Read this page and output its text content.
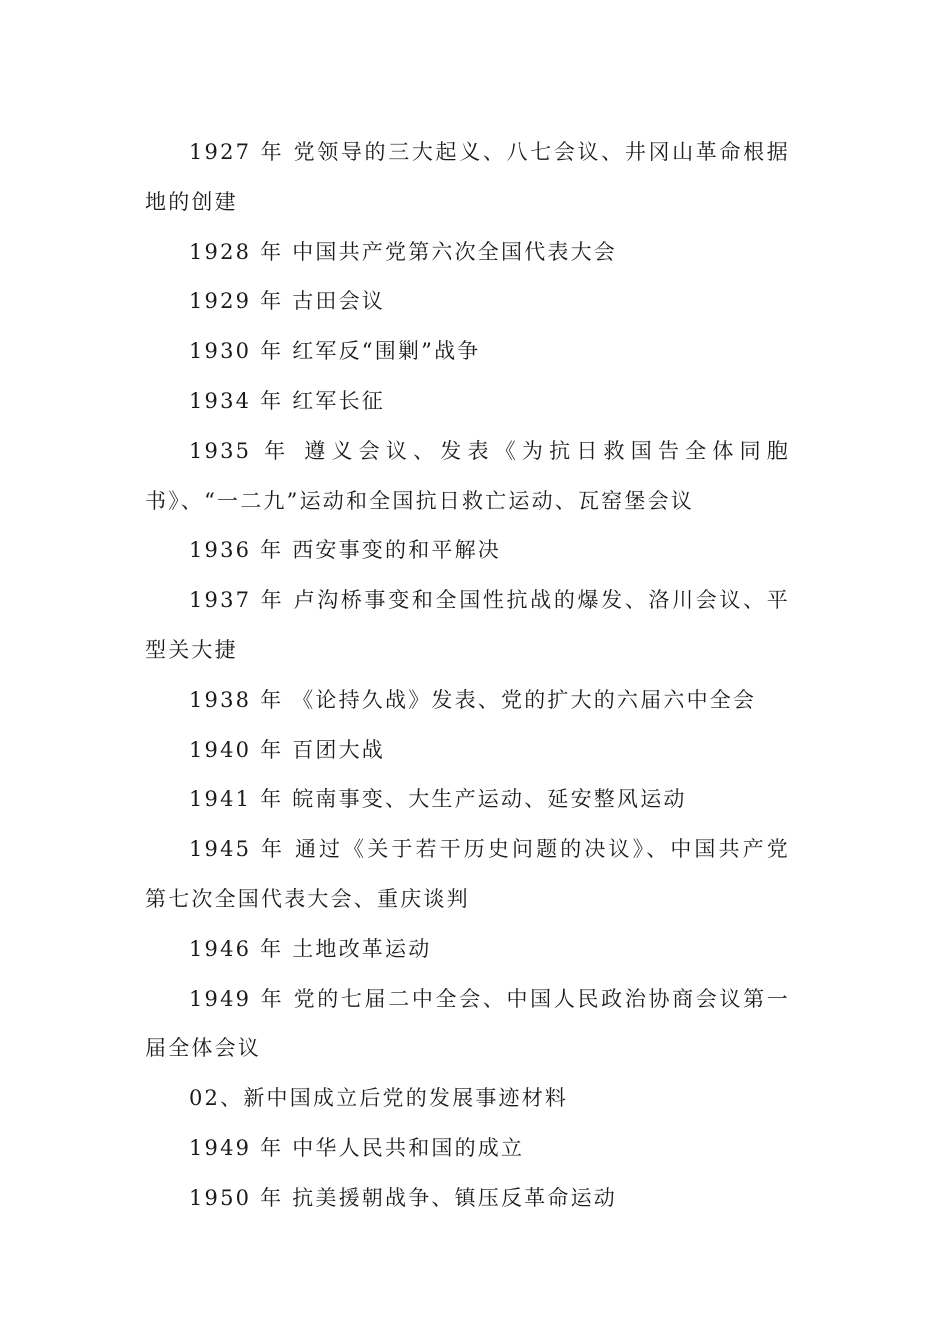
1927 年 党领导的三大起义、八七会议、井冈山革命根据地的创建

1928 年 中国共产党第六次全国代表大会

1929 年 古田会议

1930 年 红军反“围剿”战争

1934 年 红军长征

1935 年 遵义会议、发表《为抗日救国告全体同胞书》、“一二九”运动和全国抗日救亡运动、瓦窑堡会议

1936 年 西安事变的和平解决

1937 年 卢沟桥事变和全国性抗战的爆发、洛川会议、平型关大捷

1938 年 《论持久战》发表、党的扩大的六届六中全会

1940 年 百团大战

1941 年 皖南事变、大生产运动、延安整风运动

1945 年 通过《关于若干历史问题的决议》、中国共产党第七次全国代表大会、重庆谈判

1946 年 土地改革运动

1949 年 党的七届二中全会、中国人民政治协商会议第一届全体会议

02、新中国成立后党的发展事迹材料

1949 年 中华人民共和国的成立

1950 年 抗美援朝战争、镇压反革命运动
